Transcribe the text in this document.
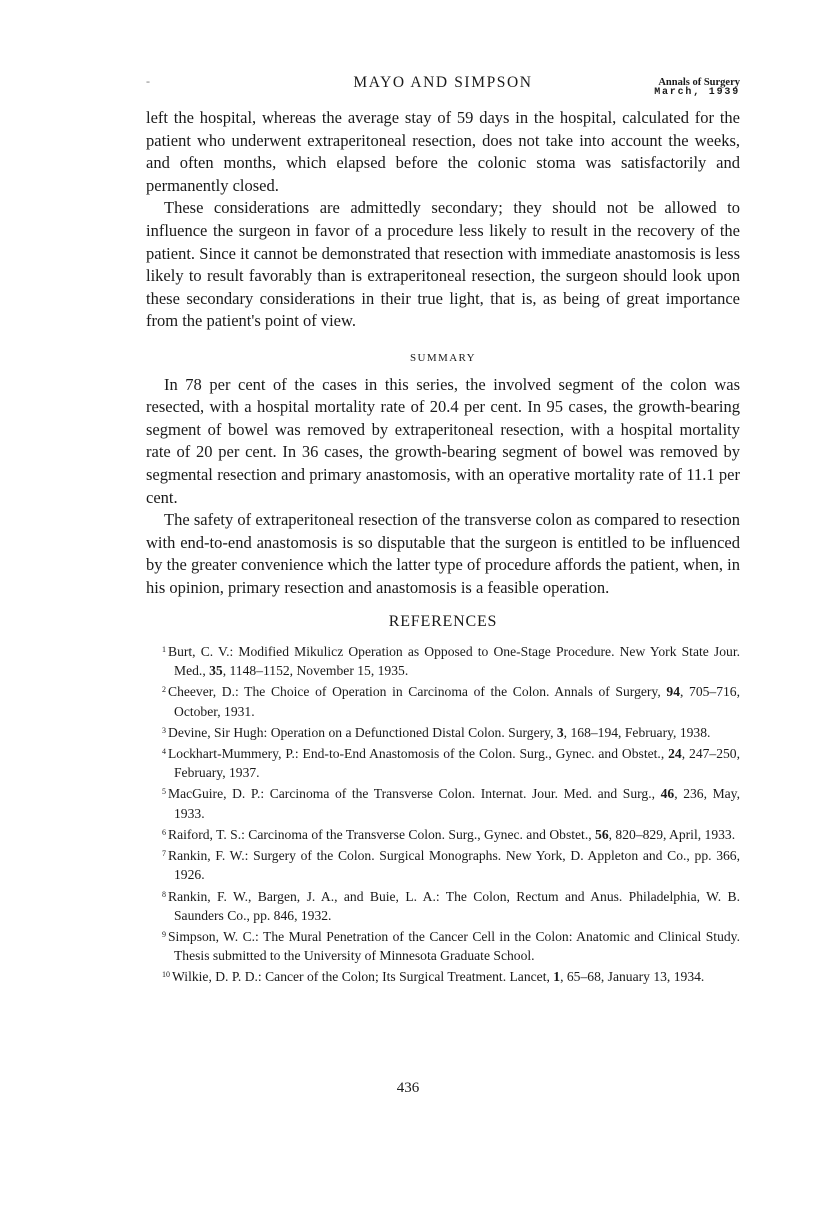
-	MAYO AND SIMPSON	Annals of Surgery
March, 1939

left the hospital, whereas the average stay of 59 days in the hospital, calculated for the patient who underwent extraperitoneal resection, does not take into account the weeks, and often months, which elapsed before the colonic stoma was satisfactorily and permanently closed.

These considerations are admittedly secondary; they should not be allowed to influence the surgeon in favor of a procedure less likely to result in the recovery of the patient. Since it cannot be demonstrated that resection with immediate anastomosis is less likely to result favorably than is extraperitoneal resection, the surgeon should look upon these secondary considerations in their true light, that is, as being of great importance from the patient's point of view.

SUMMARY

In 78 per cent of the cases in this series, the involved segment of the colon was resected, with a hospital mortality rate of 20.4 per cent. In 95 cases, the growth-bearing segment of bowel was removed by extraperitoneal resection, with a hospital mortality rate of 20 per cent. In 36 cases, the growth-bearing segment of bowel was removed by segmental resection and primary anastomosis, with an operative mortality rate of 11.1 per cent.

The safety of extraperitoneal resection of the transverse colon as compared to resection with end-to-end anastomosis is so disputable that the surgeon is entitled to be influenced by the greater convenience which the latter type of procedure affords the patient, when, in his opinion, primary resection and anastomosis is a feasible operation.

REFERENCES

$^1$ Burt, C. V.: Modified Mikulicz Operation as Opposed to One-Stage Procedure. New York State Jour. Med., 35, 1148–1152, November 15, 1935.

$^2$ Cheever, D.: The Choice of Operation in Carcinoma of the Colon. Annals of Surgery, 94, 705–716, October, 1931.

$^3$ Devine, Sir Hugh: Operation on a Defunctioned Distal Colon. Surgery, 3, 168–194, February, 1938.

$^4$ Lockhart-Mummery, P.: End-to-End Anastomosis of the Colon. Surg., Gynec. and Obstet., 24, 247–250, February, 1937.

$^5$ MacGuire, D. P.: Carcinoma of the Transverse Colon. Internat. Jour. Med. and Surg., 46, 236, May, 1933.

$^6$ Raiford, T. S.: Carcinoma of the Transverse Colon. Surg., Gynec. and Obstet., 56, 820–829, April, 1933.

$^7$ Rankin, F. W.: Surgery of the Colon. Surgical Monographs. New York, D. Appleton and Co., pp. 366, 1926.

$^8$ Rankin, F. W., Bargen, J. A., and Buie, L. A.: The Colon, Rectum and Anus. Philadelphia, W. B. Saunders Co., pp. 846, 1932.

$^9$ Simpson, W. C.: The Mural Penetration of the Cancer Cell in the Colon: Anatomic and Clinical Study. Thesis submitted to the University of Minnesota Graduate School.

$^{10}$ Wilkie, D. P. D.: Cancer of the Colon; Its Surgical Treatment. Lancet, 1, 65–68, January 13, 1934.

436
